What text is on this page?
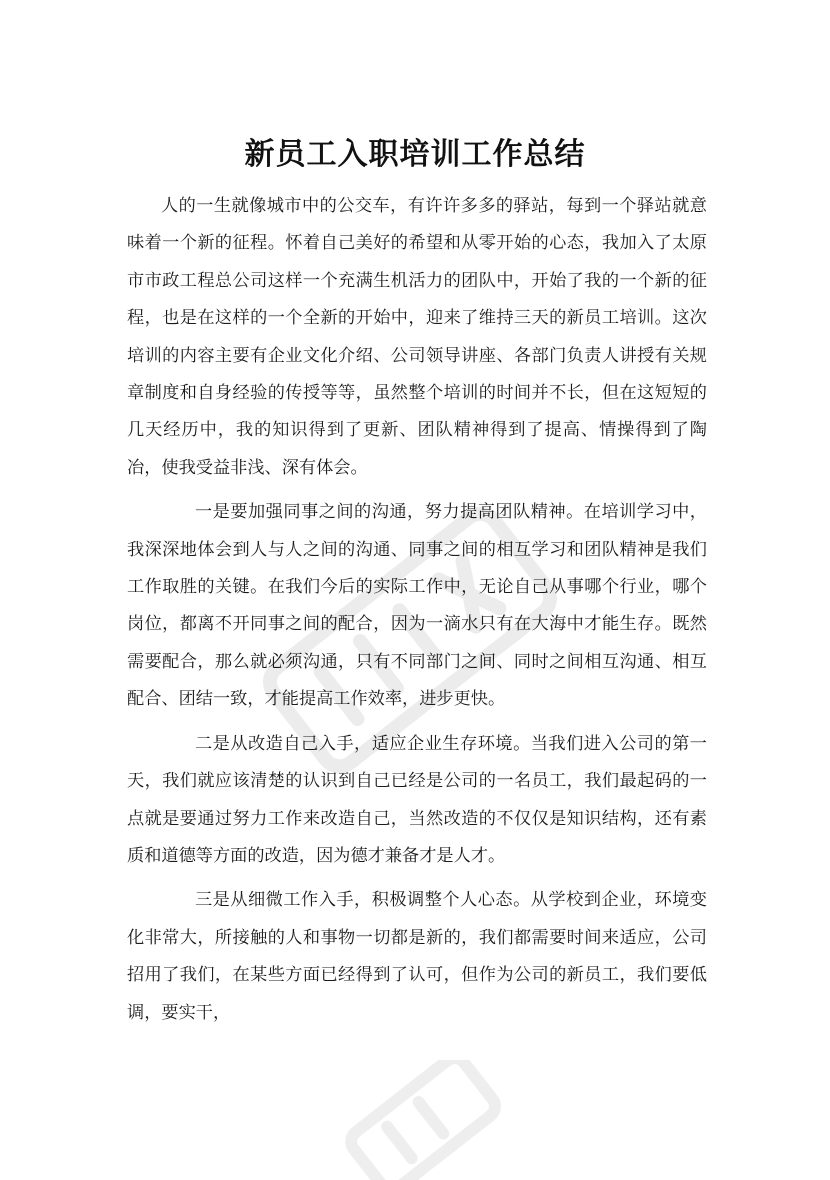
新员工入职培训工作总结

人的一生就像城市中的公交车，有许许多多的驿站，每到一个驿站就意味着一个新的征程。怀着自己美好的希望和从零开始的心态，我加入了太原市市政工程总公司这样一个充满生机活力的团队中，开始了我的一个新的征程，也是在这样的一个全新的开始中，迎来了维持三天的新员工培训。这次培训的内容主要有企业文化介绍、公司领导讲座、各部门负责人讲授有关规章制度和自身经验的传授等等，虽然整个培训的时间并不长，但在这短短的几天经历中，我的知识得到了更新、团队精神得到了提高、情操得到了陶冶，使我受益非浅、深有体会。

一是要加强同事之间的沟通，努力提高团队精神。在培训学习中，我深深地体会到人与人之间的沟通、同事之间的相互学习和团队精神是我们工作取胜的关键。在我们今后的实际工作中，无论自己从事哪个行业，哪个岗位，都离不开同事之间的配合，因为一滴水只有在大海中才能生存。既然需要配合，那么就必须沟通，只有不同部门之间、同时之间相互沟通、相互配合、团结一致，才能提高工作效率，进步更快。

二是从改造自己入手，适应企业生存环境。当我们进入公司的第一天，我们就应该清楚的认识到自己已经是公司的一名员工，我们最起码的一点就是要通过努力工作来改造自己，当然改造的不仅仅是知识结构，还有素质和道德等方面的改造，因为德才兼备才是人才。

三是从细微工作入手，积极调整个人心态。从学校到企业，环境变化非常大，所接触的人和事物一切都是新的，我们都需要时间来适应，公司招用了我们，在某些方面已经得到了认可，但作为公司的新员工，我们要低调，要实干，
